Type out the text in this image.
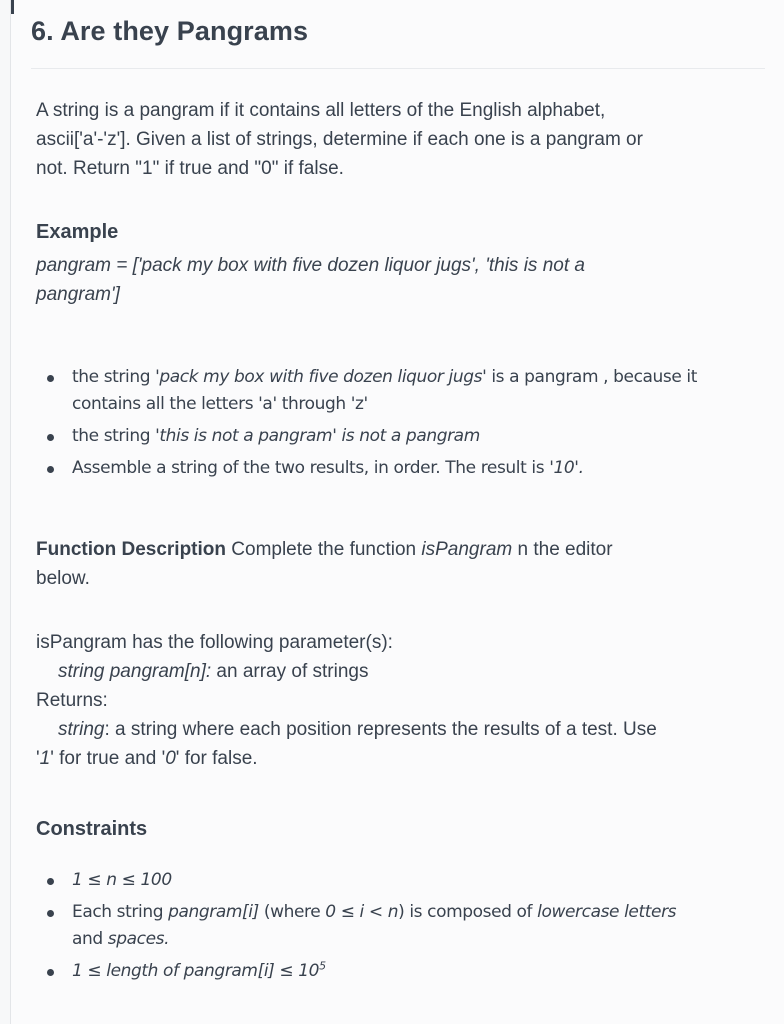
6. Are they Pangrams

A string is a pangram if it contains all letters of the English alphabet,
ascii['a'-'z']. Given a list of strings, determine if each one is a pangram or
not. Return "1" if true and "0" if false.

Example

pangram = ['pack my box with five dozen liquor jugs', 'this is not a
pangram']

the string 'pack my box with five dozen liquor jugs' is a pangram , because it
contains all the letters 'a' through 'z'
the string 'this is not a pangram' is not a pangram
Assemble a string of the two results, in order. The result is '10'.

Function Description Complete the function isPangram n the editor
below.

isPangram has the following parameter(s):
string pangram[n]: an array of strings
Returns:
string: a string where each position represents the results of a test. Use
'1' for true and '0' for false.

Constraints
1 ≤ n ≤ 100
Each string pangram[i] (where 0 ≤ i < n) is composed of lowercase letters
and spaces.
1 ≤ length of pangram[i] ≤ $10^5$
